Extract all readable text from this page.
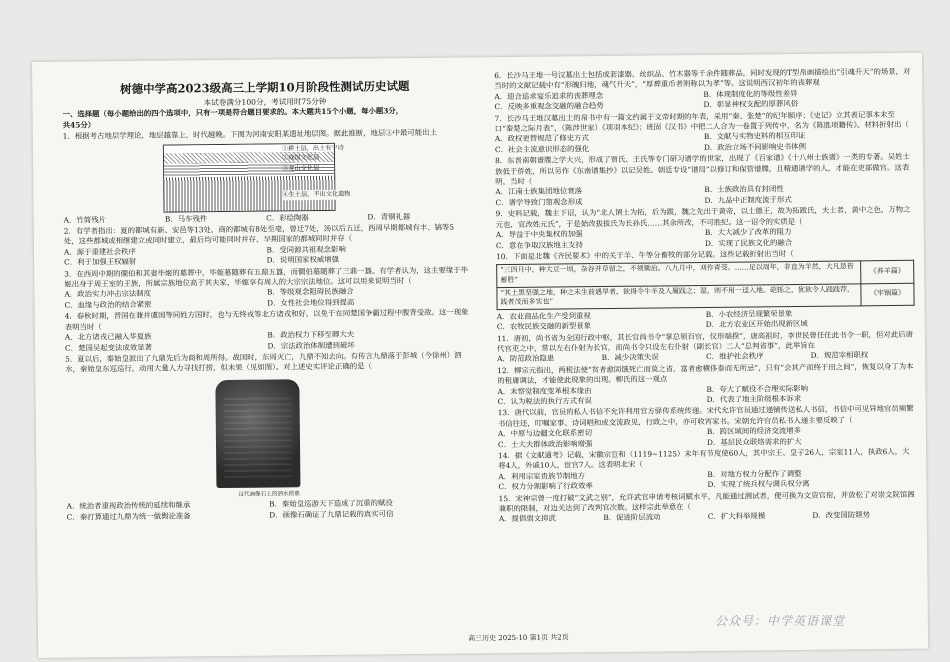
树德中学高2023级高三上学期10月阶段性测试历史试题
本试卷满分100分，考试用时75分钟

一、选择题（每小题给出的四个选项中，只有一项是符合题目要求的。本大题共15个小题，每小题3分，

共45分）

1．根据考古地层学理论，地层越靠上，时代越晚。下图为河南安阳某遗址地层图。据此推断，地层③中最可能出土

①耕土层，出土有宁诗
②战国文化层
③龙山文化层
④生土层，不出文化遗物
A．竹简残片	B．马车残件	C．彩绘陶器	D．青铜礼器

2．有学者指出：夏的都城有新、安邑等13处，商的都城有8处至亳，曾迁7处，汤以后五迁，西周早期都城有丰、镐等5处，这些都城或相继建立或同时建立，最后均可能同时并存，早期国家的都城同时并存（

A．源于重建社会秩序	B．受同源共祖观念影响
C．利于加强王权辐射	D．说明国家权威增强

3．在西周中期的僩伯和其妻毕姬的墓葬中，毕姬墓随葬有五鼎五簋，而僩伯墓随葬了三鼎一簋。有学者认为，这主要缘于毕姬出身于周王室的王族，所属宗族地位高于其夫家，毕姬享有周人的大宗宗法地位。这可以用来说明当时（

A．政治实力冲击宗法制度	B．等级观念阻碍民族融合
C．血缘与政治的结合紧密	D．女性社会地位得到提高

4．春秋时期，晋国在兼并虞国等同姓方国时，也与无终戎等北方诸戎和好，以免于在同楚国争霸过程中腹背受敌。这一现象表明当时（

A．北方诸戎已融入华夏族	B．政治权力下移至卿大夫
C．楚国吴起变法成效显著	D．宗法政治体制遭到破坏

5．夏以后，秦始皇派出了九鼎先后为商和周所得。战国时，东周灭亡，九鼎不知去向。有传言九鼎落于彭城（今徐州）泗水，秦始皇东巡巡行，动用大量人力寻找打捞，但未果（见如图）。对上述史实评论正确的是（

汉代画像石上的泗水捞鼎
A．统治者重视政治传统的延续和继承	B．秦始皇巡游天下造成了沉重的赋役
C．秦打算通过九鼎为统一做舆论准备	D．画像石确证了九鼎记载的真实可信

6．长沙马王堆一号汉墓出土包括成套漆器、丝织品、竹木器等千余件随葬品，同时发现的T型帛画描绘出“引魂升天”的场景，对当时的文献记载中有“形魄归地，魂气升天”，“厚葬重币者则称以为孝”等。这说明西汉初年的丧葬观

A．迎合追求宴乐追求的丧葬理念	B．体现制度化的等级性差异
C．反映多重观念交融的融合趋势	D．彰显神权支配的厚葬风俗

7．长沙马王堆汉墓出土的帛书中有一篇文约属于文帝时期的年表，采用“秦、张楚”的纪年顺序；《史记》立其表记事本末至口“秦楚之际月表”，（陈涉世家）《项羽本纪》；班固《汉书》中把二人合为一卷置于列传中，名为《陈胜项籍传》。材料折射出（

A．政权更替规范了修史方式	B．文献与实物史料的相互印证
C．社会主流意识形态的强化	D．政治立场不同影响史书体例

8．东晋南朝谱牒之学大兴，形成了贾氏、王氏等专门研习谱学的世家，出现了《百家谱》《十八州士族谱》一类的专著。吴姓士族低于侨姓，所以另作《东南谱集抄》以记吴姓。朝廷专设“谱局”以修订和保管谱牒，且精通谱学的人，才能在吏部做官。这表明，当时（

A．江南士族集团地位衰落	B．士族政治具有封闭性
C．谱学导致门第观念形成	D．九品中正制度流于形式

9．史料记载，魏主下诏，认为“北人谓土为拓，后为跋，魏之先出于黄帝，以土德王，故为拓跋氏，夫土者，黄中之色，万物之元也，宜改姓元氏”，于是始改拔拔氏为长孙氏……其余所改，不可胜纪。这一诏令的实质是（

A．导益于中央集权的加强	B．大大减少了改革的阻力
C．意在争取汉族地主支持	D．实现了民族文化的融合

10．下面是北魏《齐民要术》中的关于羊、牛等分畜牧的部分记载。这些记载折射出当时（

“三四月中，种大豆一顷，杂谷并草留之，不须锄治。八九月中，刈作青茭。……足以周年，非直为羊然，大凡恳皆蓄胜”	《养羊篇》
“其土黑坚强之地，种之未生前遇旱者，欲得令牛羊及人履践之；湿，则不用一迳入地。硙轹之，犹欲令人践践荐，践者茂而多实也”	《牢锢篇》
A．农业商品化生产受到重视	B．小农经济呈现繁荣景象
C．农牧民族交融的新型景象	D．北方农业区开始出现新区域

11．唐初，尚书省为全国行政中枢，其长官尚书令“掌总领百官，仪形端揆”，唐高祖时，李世民曾任任此书令一职，但对此后唐代官吏之中，常以左右仆射为长官，而尚书令只设左右仆射（副长官）二人“总判省事”，此举旨在

A．防范政治隐患	B．减少决策失误	C．维护社会秩序	D．规范宰相职权

12．柳宗元指出，两税法使“贫者愈固饿死亡而莫之省，富者愈横侈泰而无所忌”，只有“会其产而终于田之间”，恢复以身丁为本的租庸调法，才能使此现象的出现。柳氏的这一观点

A．未察觉制度变革根本缘由	B．夸大了赋役不合理实际影响
C．认为税法的执行方式有误	D．代表了地主阶级根本诉求

13．唐代以前，官员的私人书信不允许利用官方驿传系统传递。宋代允许官员通过递铺传送私人书信，书信中可见异地官员频繁书信往还，叮嘱家事、诗词唱和或交流政见，行政之中，亦可收宵家书。宋朝允许官员私书入递主要反映了（

A．中原与边疆文化联系密切	B．跨区域间的经济交流增多
C．士大夫群体政治影响增强	D．基层民众联络需求的扩大

14．据《文献通考》记载，宋徽宗宣和（1119~1125）末年有节度使60人，其中宗王、皇子26人，宗室11人，执政6人，大将4人，外戚10人，宦官7人。这表明北宋（

A．利用宗室贵族节制地方	B．对地方权力分配作了调整
C．权力分割影响了行政效率	D．实现了统兵权与调兵权分离

15．宋神宗曾一度打破“文武之别”，允许武官申请考核词赋水平，凡能通过测试者，便可换为文资官衔，并放松了对崇文院馆阁兼职的限制，对边关达到了改判官次数。这样宗此举意在（

A．提倡弱文抑武	B．促进阶层流动	C．扩大科举规模	D．改变国防颓势
高三历史 2025-10 第1页 共2页
公众号：中学英语课堂
